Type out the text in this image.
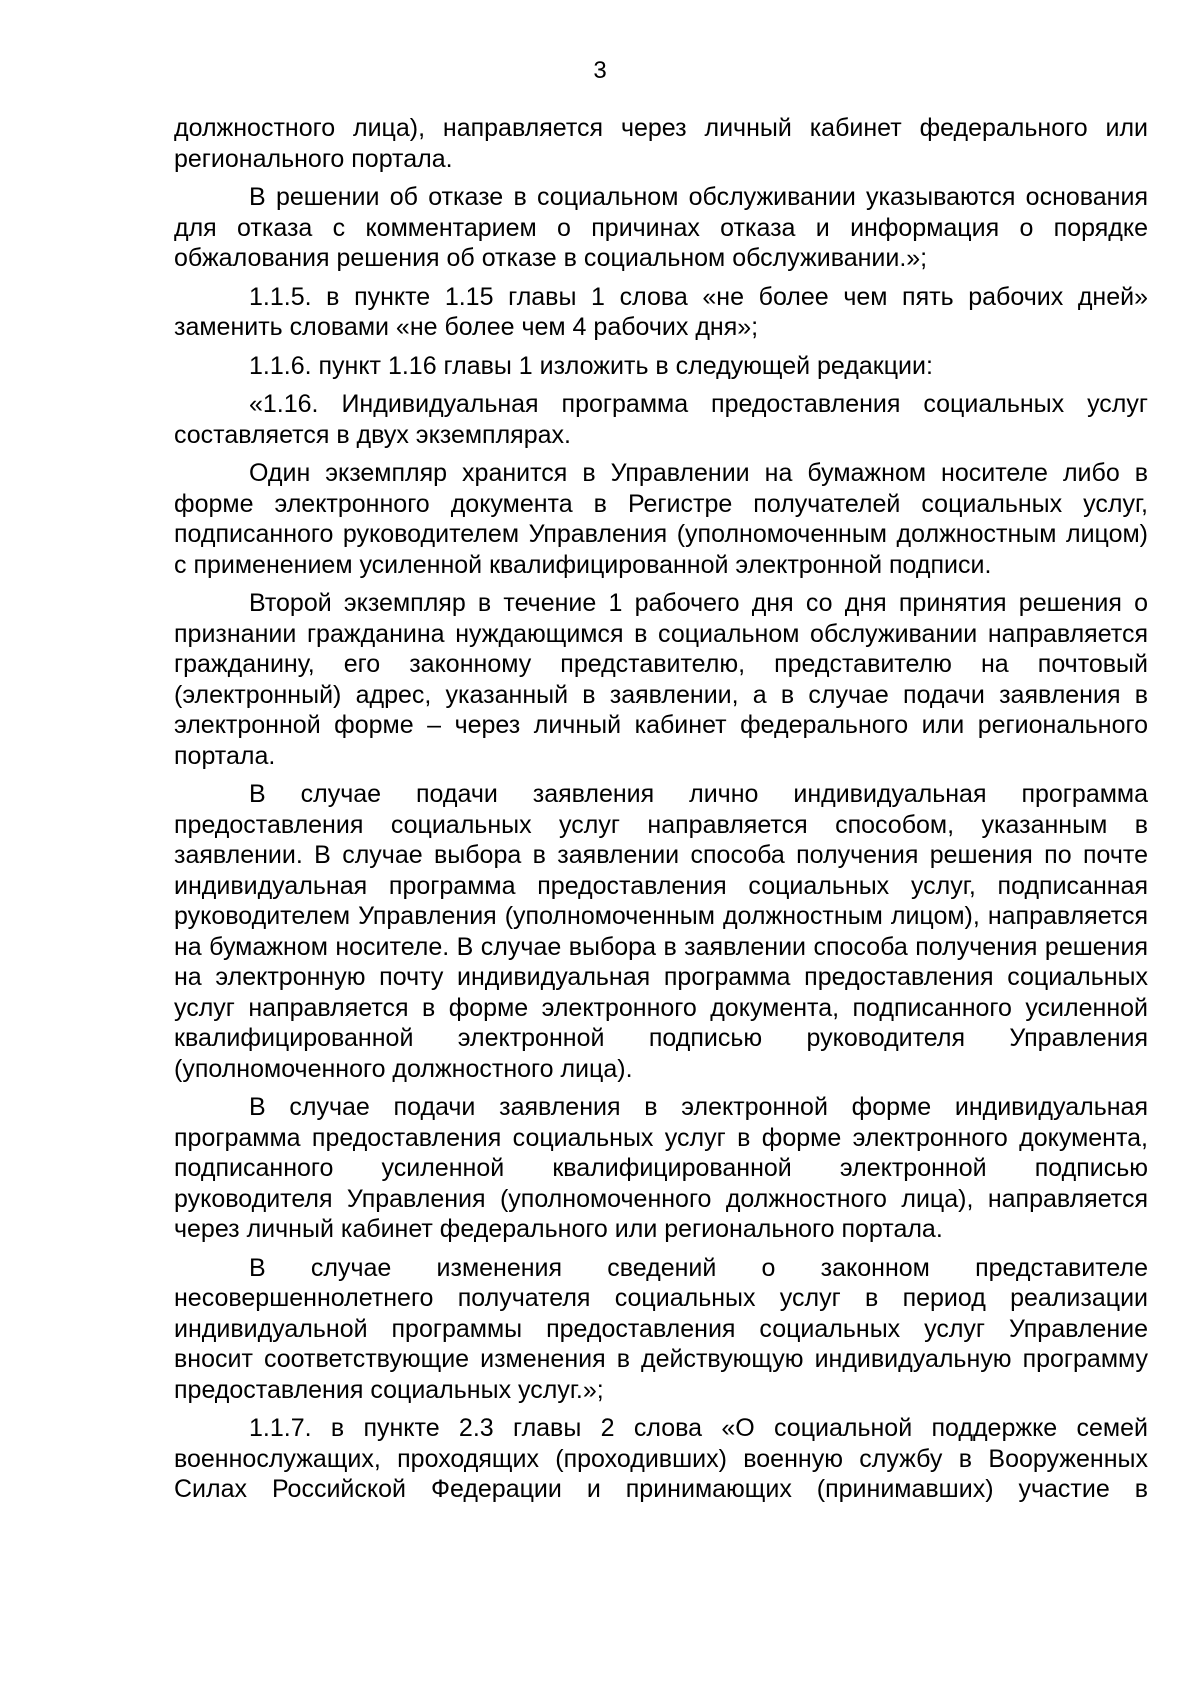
3

должностного лица), направляется через личный кабинет федерального или регионального портала.

В решении об отказе в социальном обслуживании указываются основания для отказа с комментарием о причинах отказа и информация о порядке обжалования решения об отказе в социальном обслуживании.»;

1.1.5. в пункте 1.15 главы 1 слова «не более чем пять рабочих дней» заменить словами «не более чем 4 рабочих дня»;

1.1.6. пункт 1.16 главы 1 изложить в следующей редакции:

«1.16. Индивидуальная программа предоставления социальных услуг составляется в двух экземплярах.

Один экземпляр хранится в Управлении на бумажном носителе либо в форме электронного документа в Регистре получателей социальных услуг, подписанного руководителем Управления (уполномоченным должностным лицом) с применением усиленной квалифицированной электронной подписи.

Второй экземпляр в течение 1 рабочего дня со дня принятия решения о признании гражданина нуждающимся в социальном обслуживании направляется гражданину, его законному представителю, представителю на почтовый (электронный) адрес, указанный в заявлении, а в случае подачи заявления в электронной форме – через личный кабинет федерального или регионального портала.

В случае подачи заявления лично индивидуальная программа предоставления социальных услуг направляется способом, указанным в заявлении. В случае выбора в заявлении способа получения решения по почте индивидуальная программа предоставления социальных услуг, подписанная руководителем Управления (уполномоченным должностным лицом), направляется на бумажном носителе. В случае выбора в заявлении способа получения решения на электронную почту индивидуальная программа предоставления социальных услуг направляется в форме электронного документа, подписанного усиленной квалифицированной электронной подписью руководителя Управления (уполномоченного должностного лица).

В случае подачи заявления в электронной форме индивидуальная программа предоставления социальных услуг в форме электронного документа, подписанного усиленной квалифицированной электронной подписью руководителя Управления (уполномоченного должностного лица), направляется через личный кабинет федерального или регионального портала.

В случае изменения сведений о законном представителе несовершеннолетнего получателя социальных услуг в период реализации индивидуальной программы предоставления социальных услуг Управление вносит соответствующие изменения в действующую индивидуальную программу предоставления социальных услуг.»;

1.1.7. в пункте 2.3 главы 2 слова «О социальной поддержке семей военнослужащих, проходящих (проходивших) военную службу в Вооруженных Силах Российской Федерации и принимающих (принимавших) участие в
